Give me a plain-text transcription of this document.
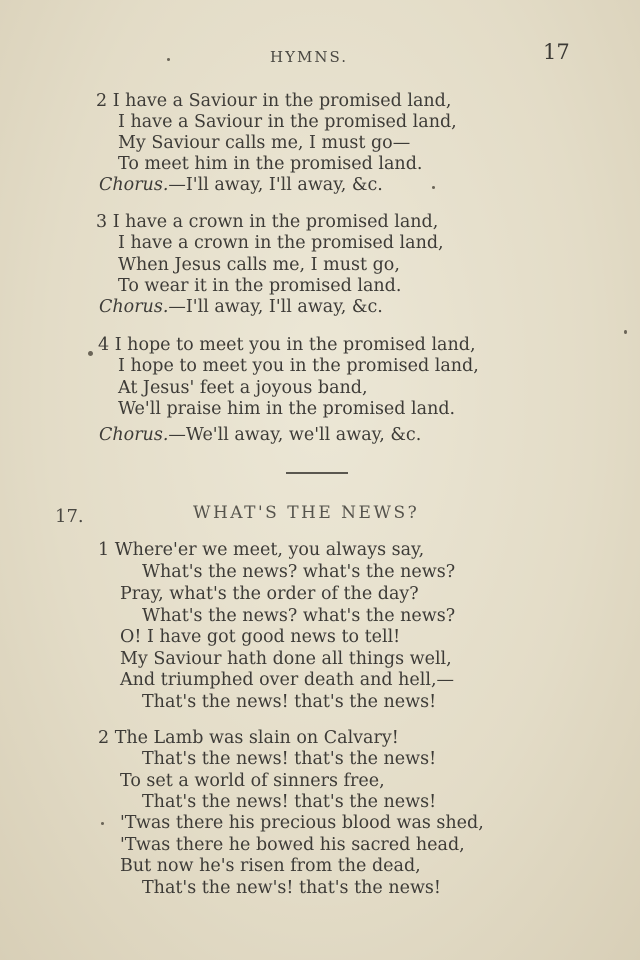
HYMNS.	17
2 I have a Saviour in the promised land,
I have a Saviour in the promised land,
My Saviour calls me, I must go—
To meet him in the promised land.
Chorus.—I'll away, I'll away, &c.
3 I have a crown in the promised land,
I have a crown in the promised land,
When Jesus calls me, I must go,
To wear it in the promised land.
Chorus.—I'll away, I'll away, &c.
4 I hope to meet you in the promised land,
I hope to meet you in the promised land,
At Jesus' feet a joyous band,
We'll praise him in the promised land.
Chorus.—We'll away, we'll away, &c.
17.	WHAT'S THE NEWS?
1 Where'er we meet, you always say,
What's the news? what's the news?
Pray, what's the order of the day?
What's the news? what's the news?
O! I have got good news to tell!
My Saviour hath done all things well,
And triumphed over death and hell,—
That's the news! that's the news!
2 The Lamb was slain on Calvary!
That's the news! that's the news!
To set a world of sinners free,
That's the news! that's the news!
'Twas there his precious blood was shed,
'Twas there he bowed his sacred head,
But now he's risen from the dead,
That's the new's! that's the news!
